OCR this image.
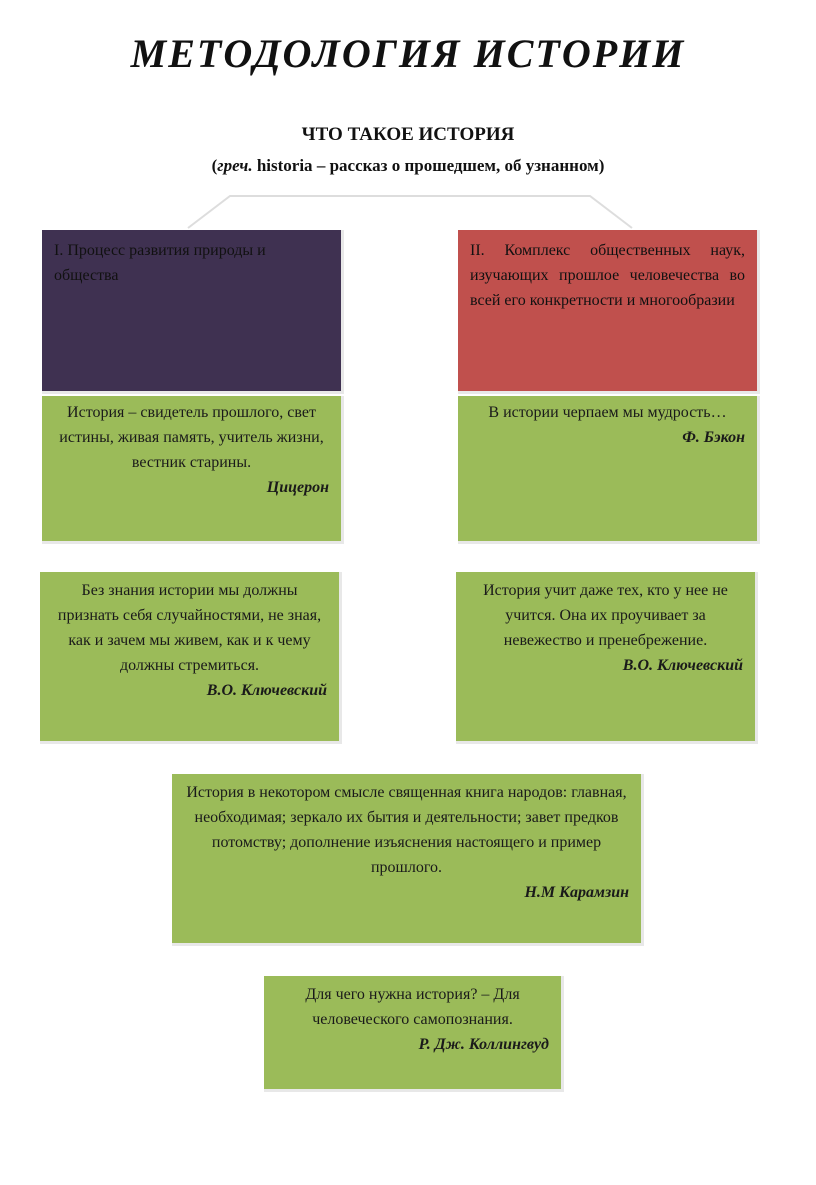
МЕТОДОЛОГИЯ ИСТОРИИ
ЧТО ТАКОЕ ИСТОРИЯ
(греч. historia – рассказ о прошедшем, об узнанном)
I. Процесс развития природы и общества
II. Комплекс общественных наук, изучающих прошлое человечества во всей его конкретности и многообразии
История – свидетель прошлого, свет истины, живая память, учитель жизни, вестник старины.
Цицерон
В истории черпаем мы мудрость…
Ф. Бэкон
Без знания истории мы должны признать себя случайностями, не зная, как и зачем мы живем, как и к чему должны стремиться.
В.О. Ключевский
История учит даже тех, кто у нее не учится. Она их проучивает за невежество и пренебрежение.
В.О. Ключевский
История в некотором смысле священная книга народов: главная, необходимая; зеркало их бытия и деятельности; завет предков потомству; дополнение изъяснения настоящего и пример прошлого.
Н.М Карамзин
Для чего нужна история? – Для человеческого самопознания.
Р. Дж. Коллингвуд
